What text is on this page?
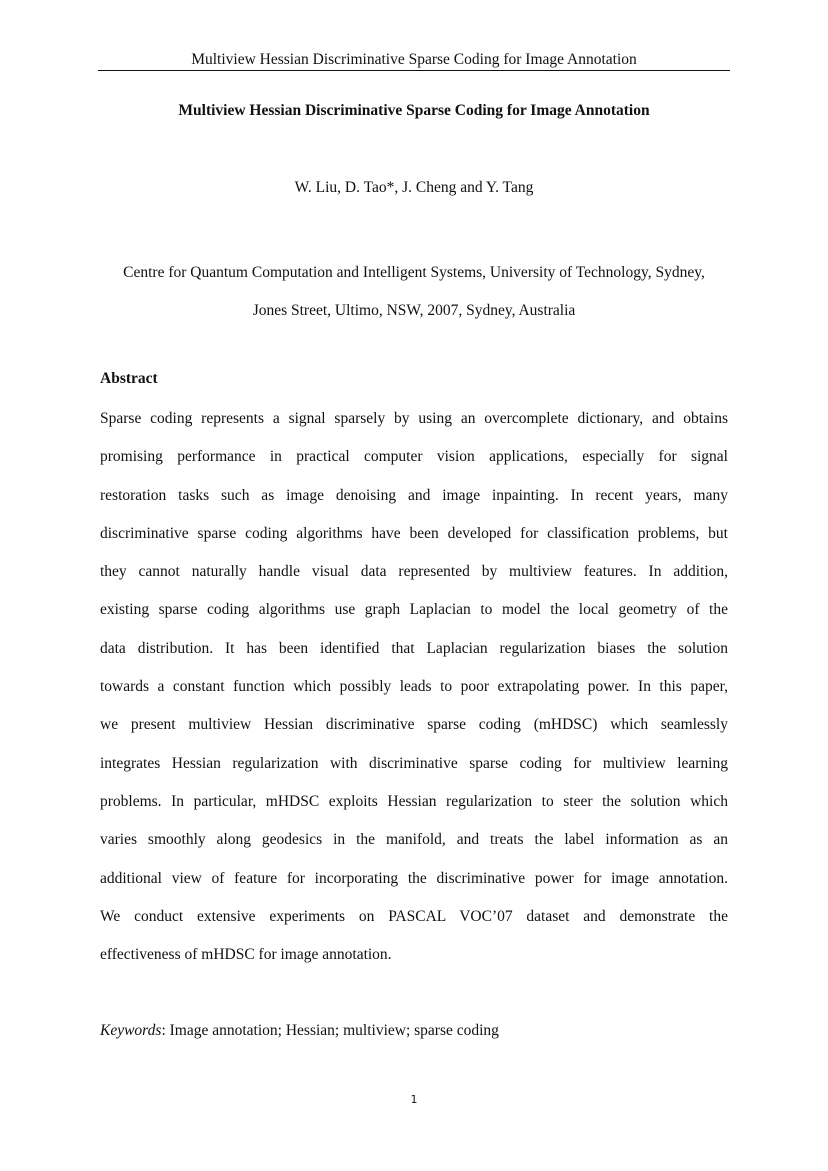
Multiview Hessian Discriminative Sparse Coding for Image Annotation
Multiview Hessian Discriminative Sparse Coding for Image Annotation
W. Liu, D. Tao*, J. Cheng and Y. Tang
Centre for Quantum Computation and Intelligent Systems, University of Technology, Sydney,
Jones Street, Ultimo, NSW, 2007, Sydney, Australia
Abstract
Sparse coding represents a signal sparsely by using an overcomplete dictionary, and obtains
promising performance in practical computer vision applications, especially for signal
restoration tasks such as image denoising and image inpainting. In recent years, many
discriminative sparse coding algorithms have been developed for classification problems, but
they cannot naturally handle visual data represented by multiview features. In addition,
existing sparse coding algorithms use graph Laplacian to model the local geometry of the
data distribution. It has been identified that Laplacian regularization biases the solution
towards a constant function which possibly leads to poor extrapolating power. In this paper,
we present multiview Hessian discriminative sparse coding (mHDSC) which seamlessly
integrates Hessian regularization with discriminative sparse coding for multiview learning
problems. In particular, mHDSC exploits Hessian regularization to steer the solution which
varies smoothly along geodesics in the manifold, and treats the label information as an
additional view of feature for incorporating the discriminative power for image annotation.
We conduct extensive experiments on PASCAL VOC’07 dataset and demonstrate the
effectiveness of mHDSC for image annotation.
Keywords: Image annotation; Hessian; multiview; sparse coding
1
